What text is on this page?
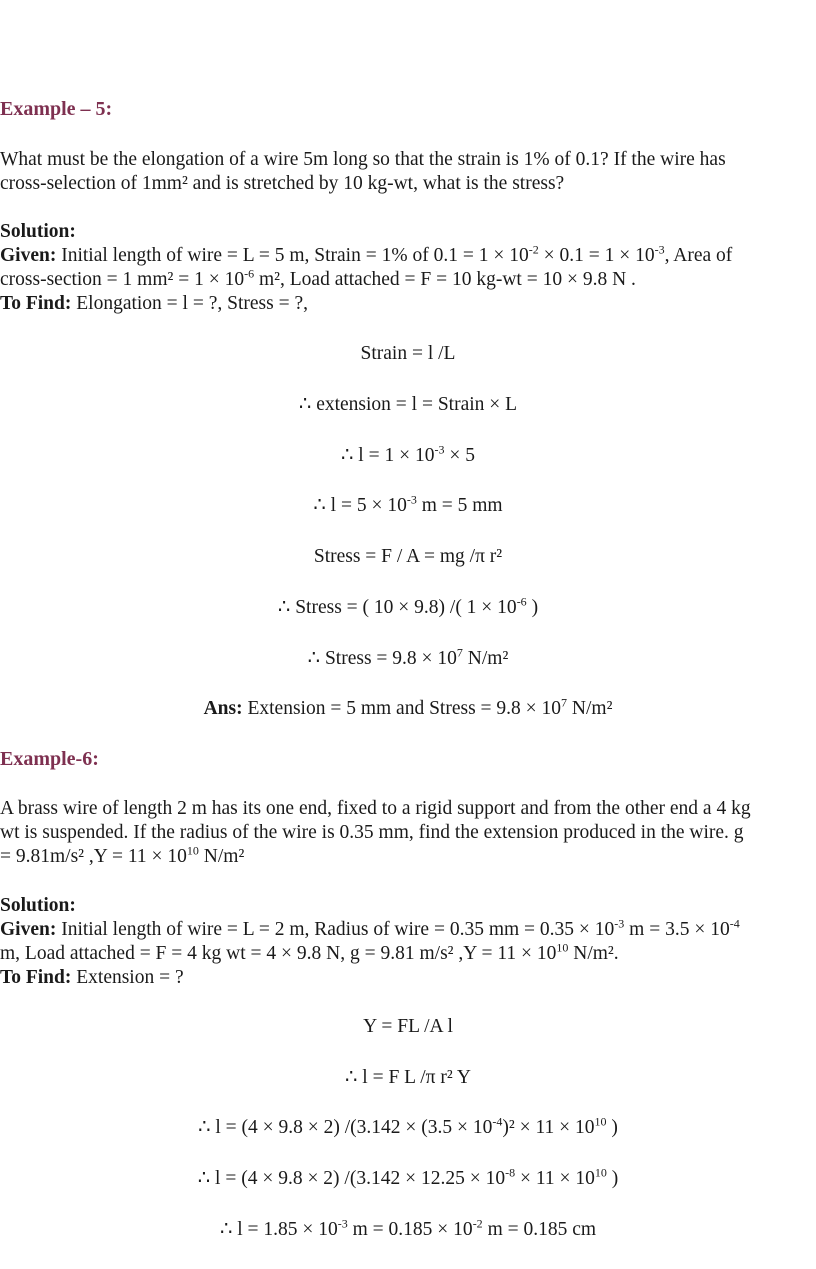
Example – 5:

What must be the elongation of a wire 5m long so that the strain is 1% of 0.1? If the wire has

cross-selection of 1mm² and is stretched by 10 kg-wt, what is the stress?

Solution:

Given: Initial length of wire = L = 5 m, Strain = 1% of $0.1 = 1 \times 10^{-2} \times 0.1 = 1 \times 10^{-3}$, Area of

cross-section = 1 $mm^2 = 1 \times 10^{-6}$ m², Load attached = F = 10 kg-wt = 10 × 9.8 N .

To Find: Elongation = l = ?, Stress = ?,

Strain = l /L
∴ extension = l = Strain × L
∴ $l = 1 \times 10^{-3} \times 5$
∴ $l = 5 \times 10^{-3}$ m = 5 mm
Stress = F / A = mg /π r²
∴ Stress = ( 10 × 9.8) /( $1 \times 10^{-6}$ )
∴ Stress = $9.8 \times 10^7$ N/m²
Ans: Extension = 5 mm and Stress = $9.8 \times 10^7$ N/m²
Example-6:

A brass wire of length 2 m has its one end, fixed to a rigid support and from the other end a 4 kg

wt is suspended. If the radius of the wire is 0.35 mm, find the extension produced in the wire. g

= 9.81m/s² $,Y = 11 \times 10^{10}$ N/m²

Solution:

Given: Initial length of wire = L = 2 m, Radius of wire = 0.35 mm = $0.35 \times 10^{-3}$ $m = 3.5 \times 10^{-4}$

m, Load attached = F = 4 kg wt = 4 × 9.8 N, g = 9.81 m/s² $,Y = 11 \times 10^{10}$ N/m².

To Find: Extension = ?

Y = FL /A l
∴ l = F L /π r² Y
∴ l = (4 × 9.8 × 2) $/(3.142 \times (3.5 \times 10^{-4})^2 \times 11 \times 10^{10}$ )
∴ l = (4 × 9.8 × 2) $/(3.142 \times 12.25 \times 10^{-8} \times 11 \times 10^{10}$ )
∴ $l = 1.85 \times 10^{-3}$ $m = 0.185 \times 10^{-2}$ m = 0.185 cm
